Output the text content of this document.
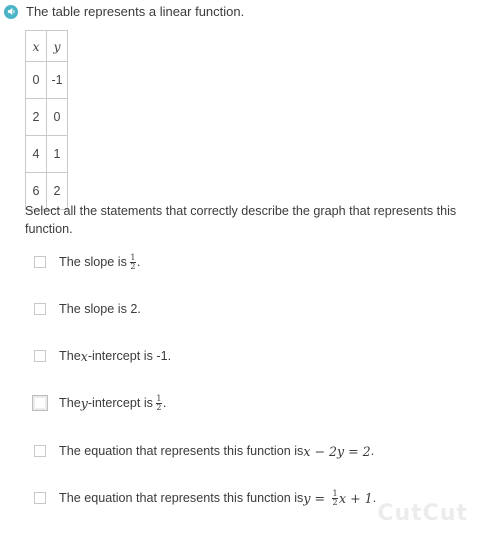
The table represents a linear function.
x	y
0	-1
2	0
4	1
6	2
Select all the statements that correctly describe the graph that represents this function.
The slope is $\frac{1}{2}$ .
The slope is 2.
The x -intercept is -1.
The y -intercept is $\frac{1}{2}$ .
The equation that represents this function is x − 2y = 2 .
The equation that represents this function is $y = \frac{1}{2}$ x + 1 .
CutCut
